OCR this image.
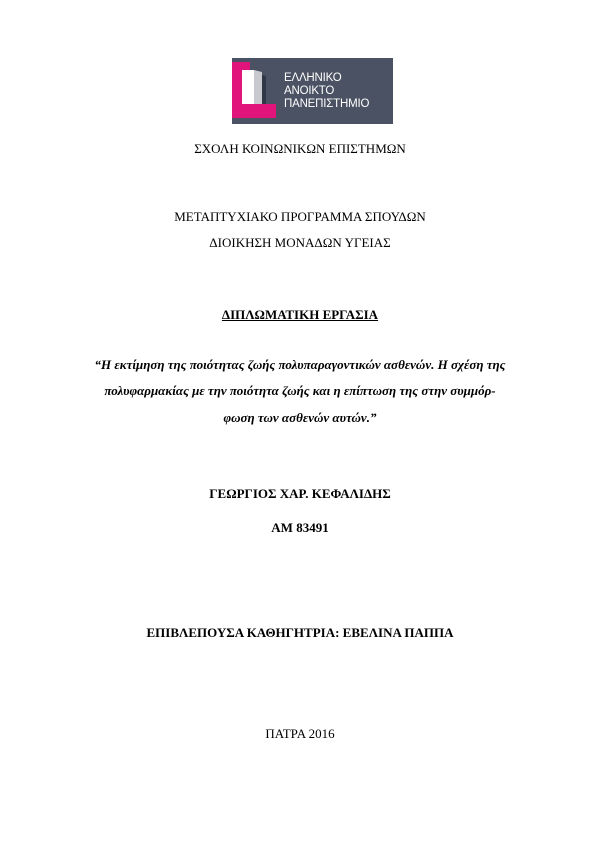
ΕΛΛΗΝΙΚΟ
ΑΝΟΙΚΤΟ
ΠΑΝΕΠΙΣΤΗΜΙΟ
ΣΧΟΛΗ ΚΟΙΝΩΝΙΚΩΝ ΕΠΙΣΤΗΜΩΝ
ΜΕΤΑΠΤΥΧΙΑΚΟ ΠΡΟΓΡΑΜΜΑ ΣΠΟΥΔΩΝ
ΔΙΟΙΚΗΣΗ ΜΟΝΑΔΩΝ ΥΓΕΙΑΣ
ΔΙΠΛΩΜΑΤΙΚΗ ΕΡΓΑΣΙΑ
“Η εκτίμηση της ποιότητας ζωής πολυπαραγοντικών ασθενών. Η σχέση της
πολυφαρμακίας με την ποιότητα ζωής και η επίπτωση της στην συμμόρ-
φωση των ασθενών αυτών.”
ΓΕΩΡΓΙΟΣ ΧΑΡ. ΚΕΦΑΛΙΔΗΣ
ΑΜ 83491
ΕΠΙΒΛΕΠΟΥΣΑ ΚΑΘΗΓΗΤΡΙΑ: ΕΒΕΛΙΝΑ ΠΑΠΠΑ
ΠΑΤΡΑ 2016
